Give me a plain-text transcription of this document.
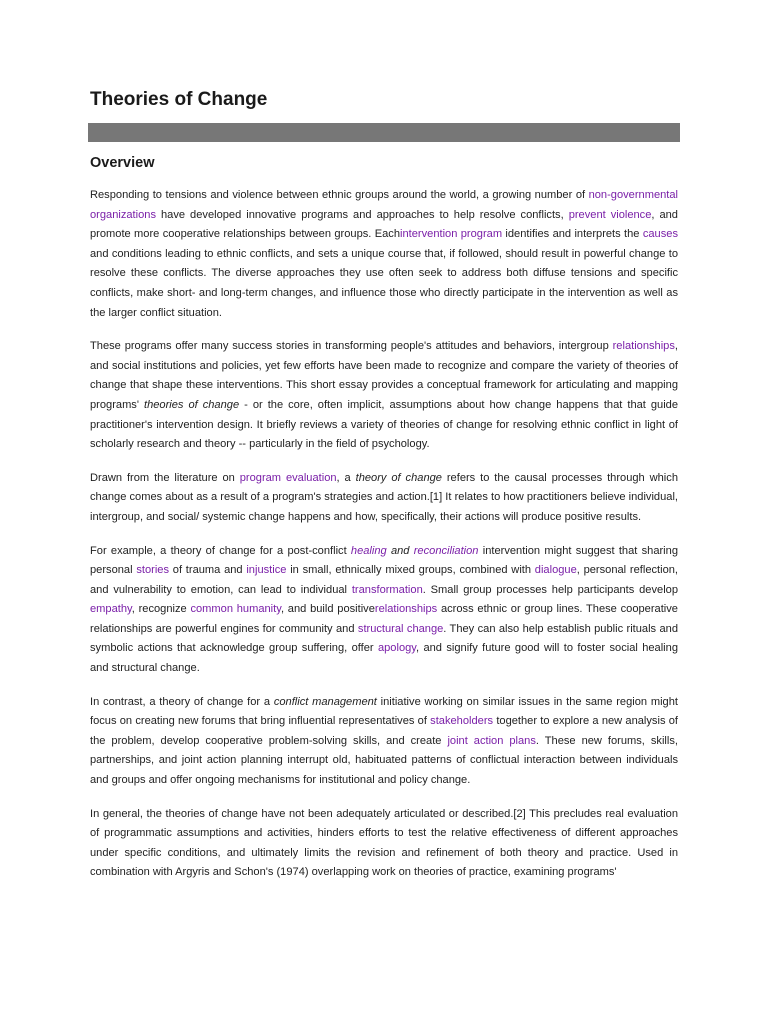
Theories of Change
Overview

Responding to tensions and violence between ethnic groups around the world, a growing number of non-governmental organizations have developed innovative programs and approaches to help resolve conflicts, prevent violence, and promote more cooperative relationships between groups. Eachintervention program identifies and interprets the causes and conditions leading to ethnic conflicts, and sets a unique course that, if followed, should result in powerful change to resolve these conflicts. The diverse approaches they use often seek to address both diffuse tensions and specific conflicts, make short- and long-term changes, and influence those who directly participate in the intervention as well as the larger conflict situation.

These programs offer many success stories in transforming people's attitudes and behaviors, intergroup relationships, and social institutions and policies, yet few efforts have been made to recognize and compare the variety of theories of change that shape these interventions. This short essay provides a conceptual framework for articulating and mapping programs' theories of change - or the core, often implicit, assumptions about how change happens that that guide practitioner's intervention design. It briefly reviews a variety of theories of change for resolving ethnic conflict in light of scholarly research and theory -- particularly in the field of psychology.

Drawn from the literature on program evaluation, a theory of change refers to the causal processes through which change comes about as a result of a program's strategies and action.[1] It relates to how practitioners believe individual, intergroup, and social/ systemic change happens and how, specifically, their actions will produce positive results.

For example, a theory of change for a post-conflict healing and reconciliation intervention might suggest that sharing personal stories of trauma and injustice in small, ethnically mixed groups, combined with dialogue, personal reflection, and vulnerability to emotion, can lead to individual transformation. Small group processes help participants develop empathy, recognize common humanity, and build positiverelationships across ethnic or group lines. These cooperative relationships are powerful engines for community and structural change. They can also help establish public rituals and symbolic actions that acknowledge group suffering, offer apology, and signify future good will to foster social healing and structural change.

In contrast, a theory of change for a conflict management initiative working on similar issues in the same region might focus on creating new forums that bring influential representatives of stakeholders together to explore a new analysis of the problem, develop cooperative problem-solving skills, and create joint action plans. These new forums, skills, partnerships, and joint action planning interrupt old, habituated patterns of conflictual interaction between individuals and groups and offer ongoing mechanisms for institutional and policy change.

In general, the theories of change have not been adequately articulated or described.[2] This precludes real evaluation of programmatic assumptions and activities, hinders efforts to test the relative effectiveness of different approaches under specific conditions, and ultimately limits the revision and refinement of both theory and practice. Used in combination with Argyris and Schon's (1974) overlapping work on theories of practice, examining programs'
